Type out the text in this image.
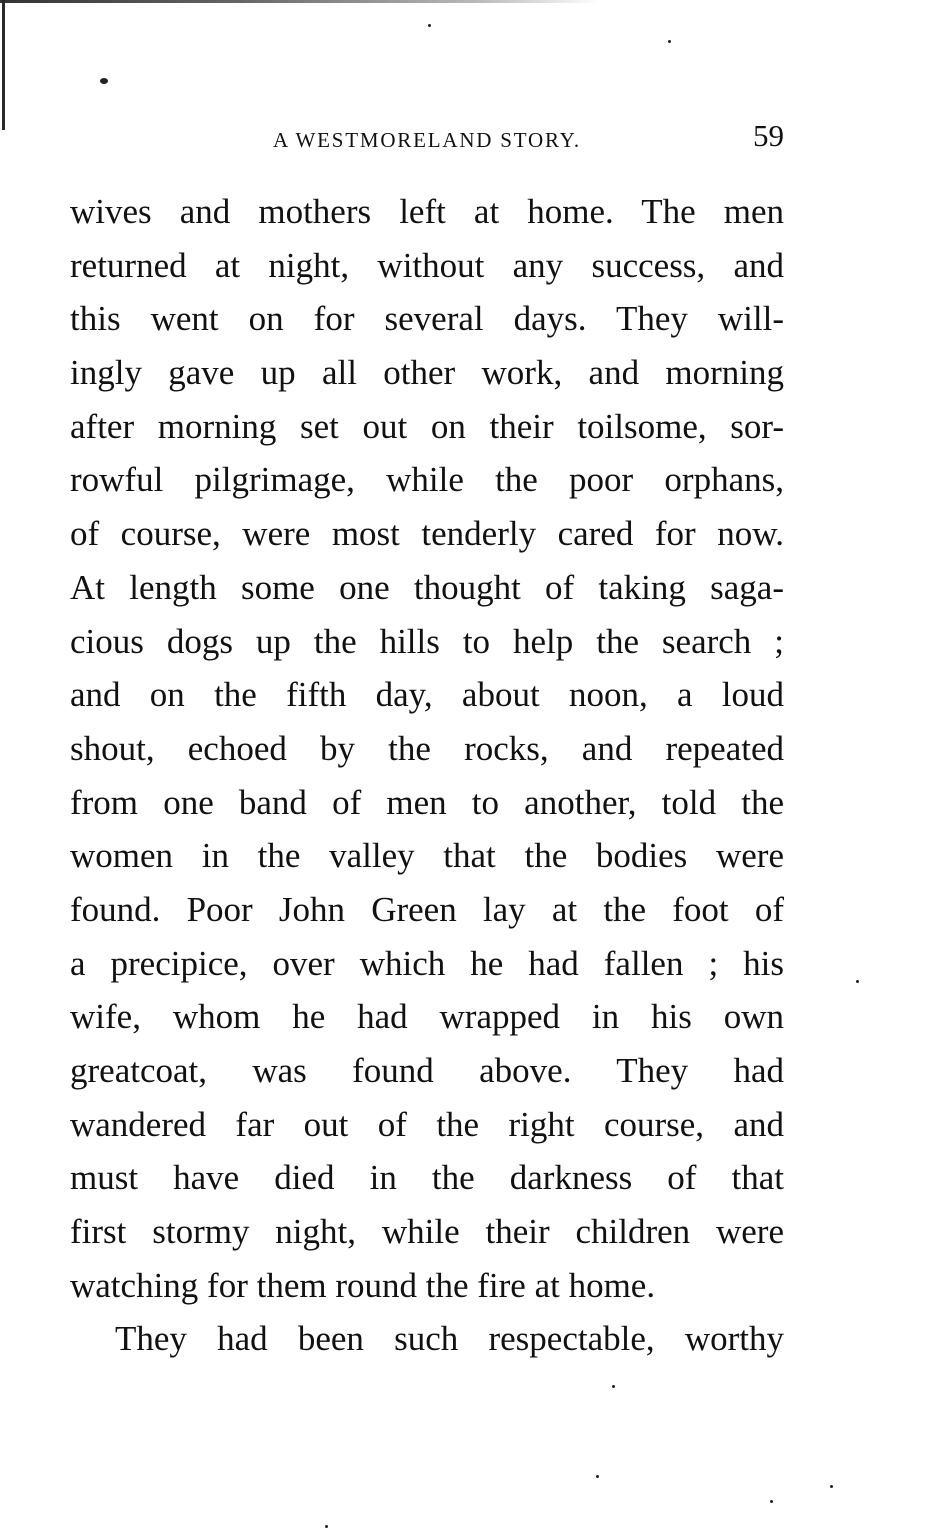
A WESTMORELAND STORY.	59
wives and mothers left at home. The men
returned at night, without any success, and
this went on for several days. They will-
ingly gave up all other work, and morning
after morning set out on their toilsome, sor-
rowful pilgrimage, while the poor orphans,
of course, were most tenderly cared for now.
At length some one thought of taking saga-
cious dogs up the hills to help the search ;
and on the fifth day, about noon, a loud
shout, echoed by the rocks, and repeated
from one band of men to another, told the
women in the valley that the bodies were
found. Poor John Green lay at the foot of
a precipice, over which he had fallen ; his
wife, whom he had wrapped in his own
greatcoat, was found above. They had
wandered far out of the right course, and
must have died in the darkness of that
first stormy night, while their children were
watching for them round the fire at home.
They had been such respectable, worthy
